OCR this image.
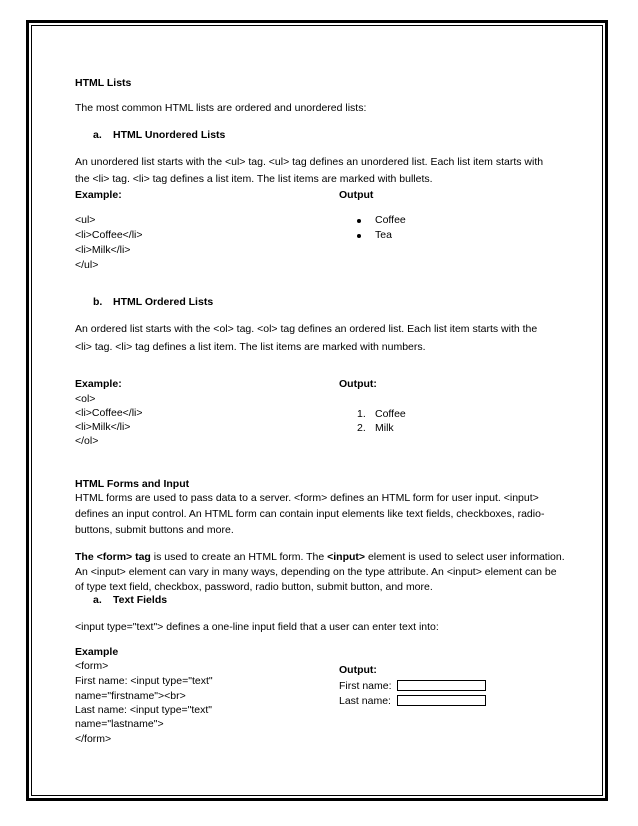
HTML Lists
The most common HTML lists are ordered and unordered lists:
a. HTML Unordered Lists
An unordered list starts with the <ul> tag. <ul> tag defines an unordered list. Each list item starts with
the <li> tag. <li> tag defines a list item. The list items are marked with bullets.
Example:	Output
<ul>
<li>Coffee</li>
<li>Milk</li>
</ul>
Coffee
Tea
b. HTML Ordered Lists
An ordered list starts with the <ol> tag. <ol> tag defines an ordered list. Each list item starts with the
<li> tag. <li> tag defines a list item. The list items are marked with numbers.
Example:	Output:
<ol>
<li>Coffee</li>
<li>Milk</li>
</ol>
1. Coffee
2. Milk
HTML Forms and Input
HTML forms are used to pass data to a server. <form> defines an HTML form for user input. <input>
defines an input control. An HTML form can contain input elements like text fields, checkboxes, radio-
buttons, submit buttons and more.
The <form> tag is used to create an HTML form. The <input> element is used to select user information.
An <input> element can vary in many ways, depending on the type attribute. An <input> element can be
of type text field, checkbox, password, radio button, submit button, and more.
a. Text Fields
<input type="text"> defines a one-line input field that a user can enter text into:
Example
<form>
First name: <input type="text"
name="firstname"><br>
Last name: <input type="text"
name="lastname">
</form>
Output:
First name:
Last name:
